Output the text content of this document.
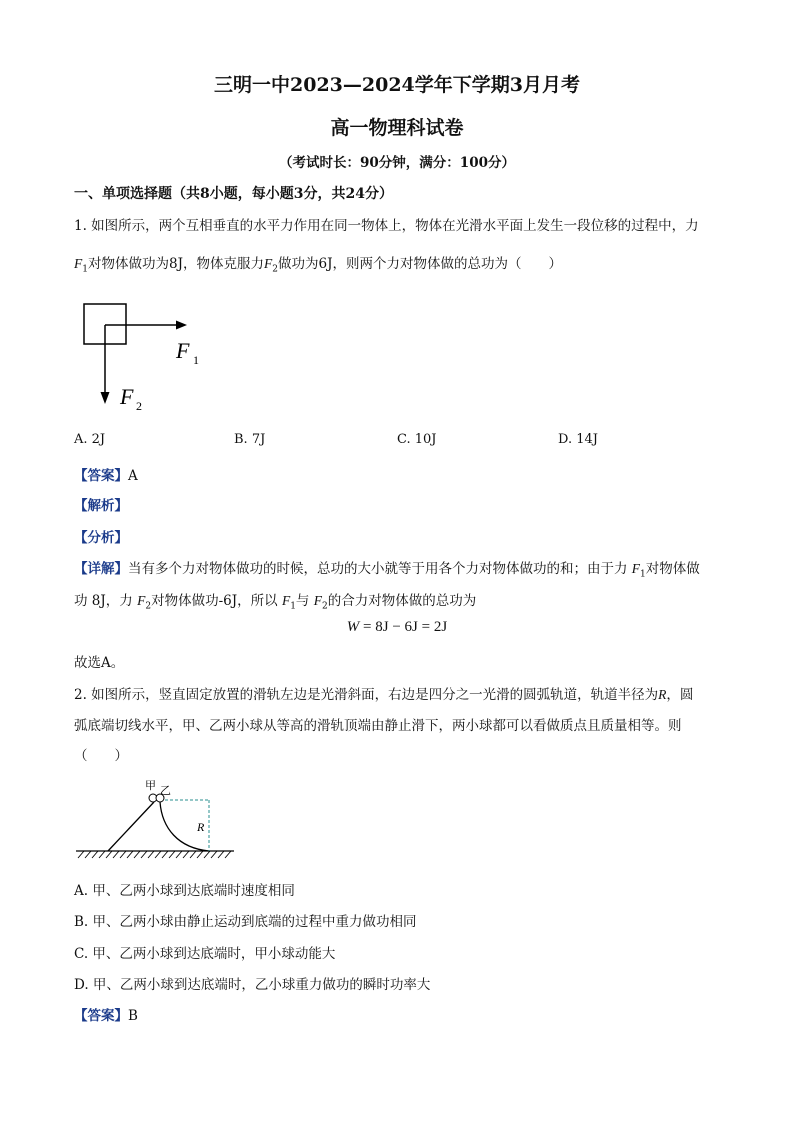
三明一中2023—2024学年下学期3月月考
高一物理科试卷
（考试时长：90分钟，满分：100分）
一、单项选择题（共8小题，每小题3分，共24分）
1. 如图所示，两个互相垂直的水平力作用在同一物体上，物体在光滑水平面上发生一段位移的过程中，力
$F_1$对物体做功为8J，物体克服力$F_2$做功为6J，则两个力对物体做的总功为（　　）
F 1
F 2
A. 2J	B. 7J	C. 10J	D. 14J
【答案】A
【解析】
【分析】
【详解】当有多个力对物体做功的时候，总功的大小就等于用各个力对物体做功的和；由于力 $F_1$对物体做
功 8J，力 $F_2$对物体做功-6J，所以 $F_1$与 $F_2$的合力对物体做的总功为
W = 8J − 6J = 2J
故选A。
2. 如图所示，竖直固定放置的滑轨左边是光滑斜面，右边是四分之一光滑的圆弧轨道，轨道半径为R，圆
弧底端切线水平，甲、乙两小球从等高的滑轨顶端由静止滑下，两小球都可以看做质点且质量相等。则
（　　）
甲 乙
R
A. 甲、乙两小球到达底端时速度相同
B. 甲、乙两小球由静止运动到底端的过程中重力做功相同
C. 甲、乙两小球到达底端时，甲小球动能大
D. 甲、乙两小球到达底端时，乙小球重力做功的瞬时功率大
【答案】B
